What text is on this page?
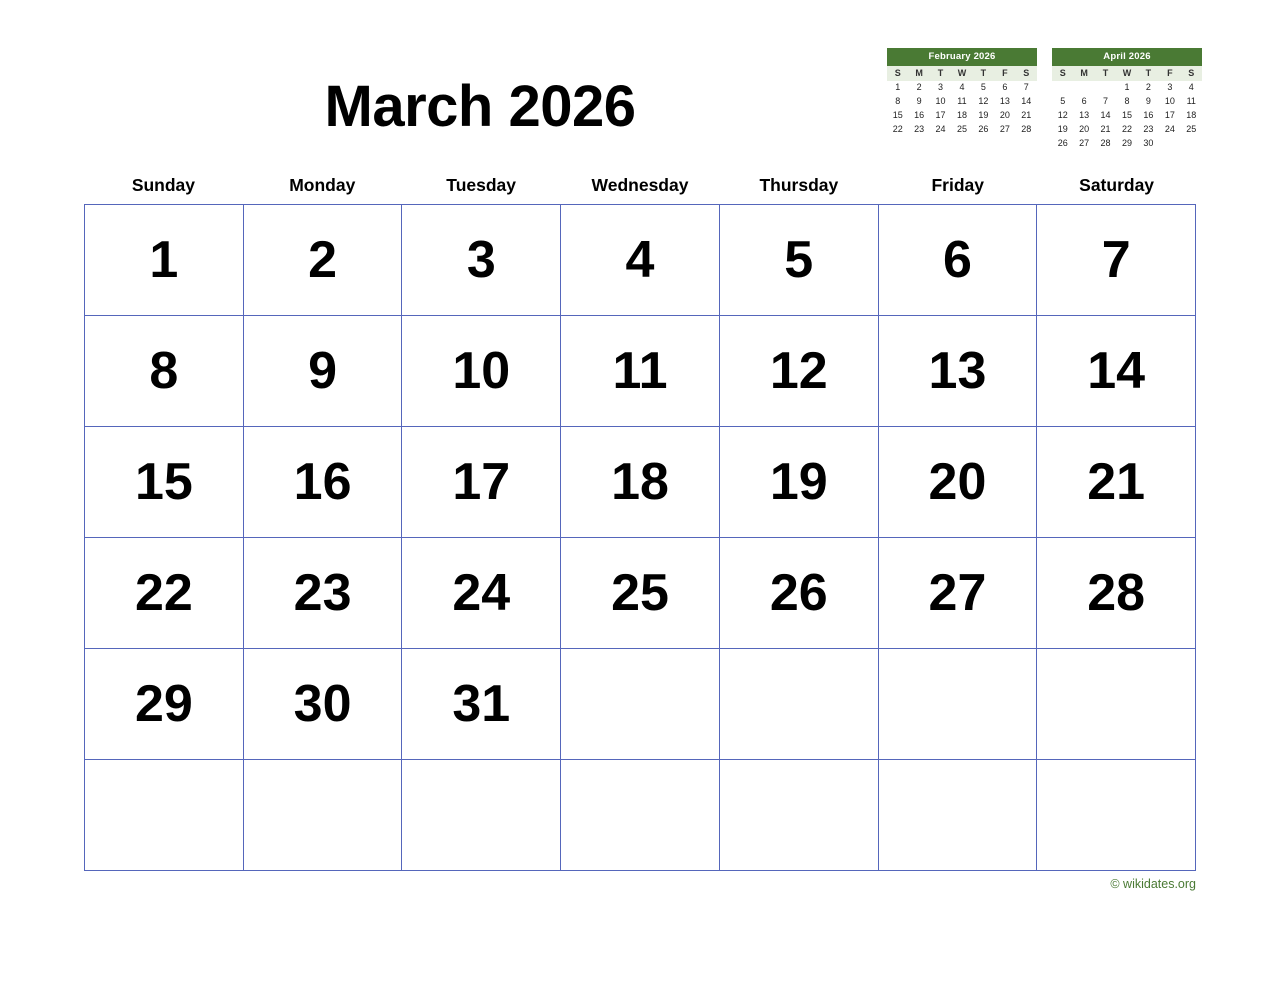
March 2026
February 2026
S	M	T	W	T	F	S
1	2	3	4	5	6	7
8	9	10	11	12	13	14
15	16	17	18	19	20	21
22	23	24	25	26	27	28
April 2026
S	M	T	W	T	F	S
			1	2	3	4
5	6	7	8	9	10	11
12	13	14	15	16	17	18
19	20	21	22	23	24	25
26	27	28	29	30		
Sunday	Monday	Tuesday	Wednesday	Thursday	Friday	Saturday
1 2 3 4 5 6 7
8 9 10 11 12 13 14
15 16 17 18 19 20 21
22 23 24 25 26 27 28
29 30 31
© wikidates.org
